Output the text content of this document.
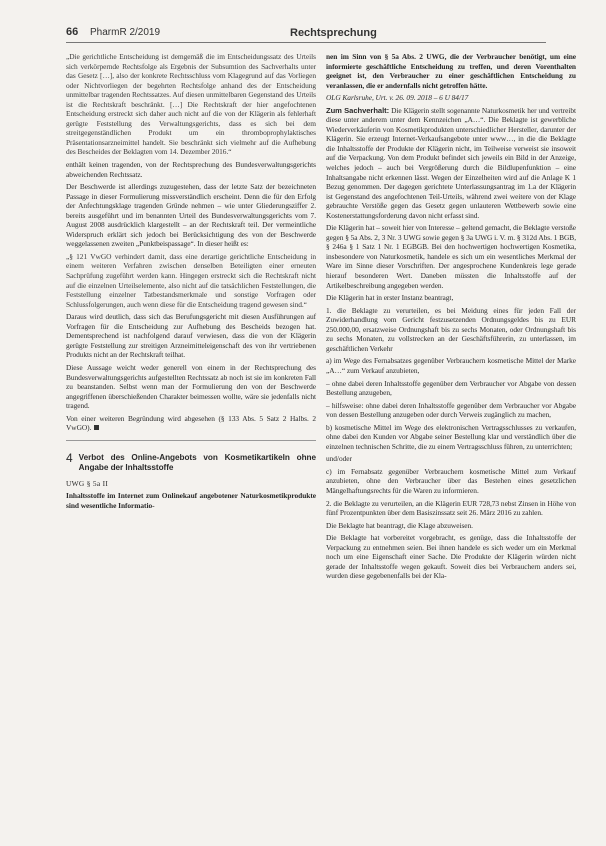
66 PharmR 2/2019	Rechtsprechung

„Die gerichtliche Entscheidung ist demgemäß die im Entscheidungssatz des Urteils sich verkörpernde Rechtsfolge als Ergebnis der Subsumtion des Sachverhalts unter das Gesetz […], also der konkrete Rechtsschluss vom Klagegrund auf das Vorliegen oder Nichtvorliegen der begehrten Rechtsfolge anhand des der Entscheidung unmittelbar tragenden Rechtssatzes. Auf diesen unmittelbaren Gegenstand des Urteils ist die Rechtskraft beschränkt. […] Die Rechtskraft der hier angefochtenen Entscheidung erstreckt sich daher auch nicht auf die von der Klägerin als fehlerhaft gerügte Feststellung des Verwaltungsgerichts, dass es sich bei dem streitgegenständlichen Produkt um ein thromboprophylaktisches Präsentationsarzneimittel handelt. Sie beschränkt sich vielmehr auf die Aufhebung des Bescheides der Beklagten vom 14. Dezember 2016.“

enthält keinen tragenden, von der Rechtsprechung des Bundesverwaltungsgerichts abweichenden Rechtssatz.

Der Beschwerde ist allerdings zuzugestehen, dass der letzte Satz der bezeichneten Passage in dieser Formulierung missverständlich erscheint. Denn die für den Erfolg der Anfechtungsklage tragenden Gründe nehmen – wie unter Gliederungsziffer 2. bereits ausgeführt und im benannten Urteil des Bundesverwaltungsgerichts vom 7. August 2008 ausdrücklich klargestellt – an der Rechtskraft teil. Der vermeintliche Widerspruch erklärt sich jedoch bei Berücksichtigung des von der Beschwerde weggelassenen zweiten „Punktbeispassage“. In dieser heißt es:

„§ 121 VwGO verhindert damit, dass eine derartige gerichtliche Entscheidung in einem weiteren Verfahren zwischen denselben Beteiligten einer erneuten Sachprüfung zugeführt werden kann. Hingegen erstreckt sich die Rechtskraft nicht auf die einzelnen Urteilselemente, also nicht auf die tatsächlichen Feststellungen, die Feststellung einzelner Tatbestandsmerkmale und sonstige Vorfragen oder Schlussfolgerungen, auch wenn diese für die Entscheidung tragend gewesen sind.“

Daraus wird deutlich, dass sich das Berufungsgericht mit diesen Ausführungen auf Vorfragen für die Entscheidung zur Aufhebung des Bescheids bezogen hat. Dementsprechend ist nachfolgend darauf verwiesen, dass die von der Klägerin gerügte Feststellung zur streitigen Arzneimitteleigenschaft des von ihr vertriebenen Produkts nicht an der Rechtskraft teilhat.

Diese Aussage weicht weder generell von einem in der Rechtsprechung des Bundesverwaltungsgerichts aufgestellten Rechtssatz ab noch ist sie im konkreten Fall zu beanstanden. Selbst wenn man der Formulierung den von der Beschwerde angegriffenen überschießenden Charakter beimessen wollte, wäre sie jedenfalls nicht tragend.

Von einer weiteren Begründung wird abgesehen (§ 133 Abs. 5 Satz 2 Halbs. 2 VwGO).

4 Verbot des Online-Angebots von Kosmetikartikeln ohne Angabe der Inhaltsstoffe

UWG § 5a II

Inhaltsstoffe im Internet zum Onlinekauf angebotener Naturkosmetikprodukte sind wesentliche Informatio-

nen im Sinn von § 5a Abs. 2 UWG, die der Verbraucher benötigt, um eine informierte geschäftliche Entscheidung zu treffen, und deren Vorenthalten geeignet ist, den Verbraucher zu einer geschäftlichen Entscheidung zu veranlassen, die er andernfalls nicht getroffen hätte.

OLG Karlsruhe, Urt. v. 26. 09. 2018 – 6 U 84/17

Zum Sachverhalt: Die Klägerin stellt sogenannte Naturkosmetik her und vertreibt diese unter anderem unter dem Kennzeichen „A…“. Die Beklagte ist gewerbliche Wiederverkäuferin von Kosmetikprodukten unterschiedlicher Hersteller, darunter der Klägerin. Sie erzeugt Internet-Verkaufsangebote unter www…, in die die Beklagte die Inhaltsstoffe der Produkte der Klägerin nicht, im Teilweise verweist sie insoweit auf die Verpackung. Von dem Produkt befindet sich jeweils ein Bild in der Anzeige, welches jedoch – auch bei Vergrößerung durch die Bildlupenfunktion – eine Inhaltsangabe nicht erkennen lässt. Wegen der Einzelheiten wird auf die Anlage K 1 Bezug genommen. Der dagegen gerichtete Unterlassungsantrag im 1.a der Klägerin ist Gegenstand des angefochtenen Teil-Urteils, während zwei weitere von der Klage gebrauchte Verstöße gegen das Gesetz gegen unlauteren Wettbewerb sowie eine Kostenerstattungsforderung davon nicht erfasst sind.

Die Klägerin hat – soweit hier von Interesse – geltend gemacht, die Beklagte verstoße gegen § 5a Abs. 2, 3 Nr. 3 UWG sowie gegen § 3a UWG i. V. m. § 312d Abs. 1 BGB, § 246a § 1 Satz 1 Nr. 1 EGBGB. Bei den hochwertigen hochwertigen Kosmetika, insbesondere von Naturkosmetik, handele es sich um ein wesentliches Merkmal der Ware im Sinne dieser Vorschriften. Der angesprochene Kundenkreis lege gerade hierauf besonderen Wert. Daneben müssten die Inhaltsstoffe auf der Artikelbeschreibung angegeben werden.

Die Klägerin hat in erster Instanz beantragt,

1. die Beklagte zu verurteilen, es bei Meidung eines für jeden Fall der Zuwiderhandlung vom Gericht festzusetzenden Ordnungsgeldes bis zu EUR 250.000,00, ersatzweise Ordnungshaft bis zu sechs Monaten, oder Ordnungshaft bis zu sechs Monaten, zu vollstrecken an der Geschäftsführerin, zu unterlassen, im geschäftlichen Verkehr

a) im Wege des Fernabsatzes gegenüber Verbrauchern kosmetische Mittel der Marke „A…“ zum Verkauf anzubieten,

– ohne dabei deren Inhaltsstoffe gegenüber dem Verbraucher vor Abgabe von dessen Bestellung anzugeben,

– hilfsweise: ohne dabei deren Inhaltsstoffe gegenüber dem Verbraucher vor Abgabe von dessen Bestellung anzugeben oder durch Verweis zugänglich zu machen,

b) kosmetische Mittel im Wege des elektronischen Vertragsschlusses zu verkaufen, ohne dabei den Kunden vor Abgabe seiner Bestellung klar und verständlich über die einzelnen technischen Schritte, die zu einem Vertragsschluss führen, zu unterrichten;

und/oder

c) im Fernabsatz gegenüber Verbrauchern kosmetische Mittel zum Verkauf anzubieten, ohne den Verbraucher über das Bestehen eines gesetzlichen Mängelhaftungsrechts für die Waren zu informieren.

2. die Beklagte zu verurteilen, an die Klägerin EUR 728,73 nebst Zinsen in Höhe von fünf Prozentpunkten über dem Basiszinssatz seit 26. März 2016 zu zahlen.

Die Beklagte hat beantragt, die Klage abzuweisen.

Die Beklagte hat vorbereitet vorgebracht, es genüge, dass die Inhaltsstoffe der Verpackung zu entnehmen seien. Bei ihnen handele es sich weder um ein Merkmal noch um eine Eigenschaft einer Sache. Die Produkte der Klägerin würden nicht gerade der Inhaltsstoffe wegen gekauft. Soweit dies bei Verbrauchern anders sei, wurden diese gegebenenfalls bei der Kla-
